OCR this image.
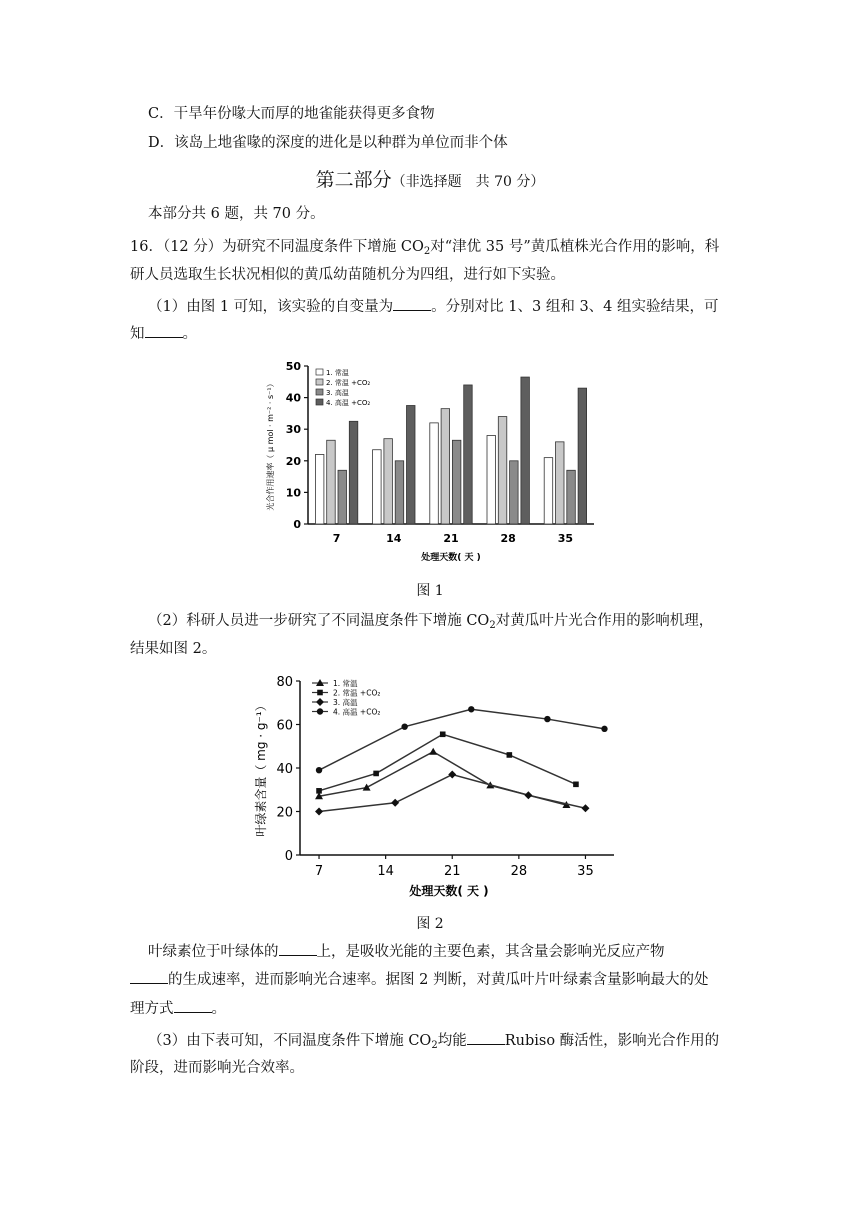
C．干旱年份喙大而厚的地雀能获得更多食物
D．该岛上地雀喙的深度的进化是以种群为单位而非个体
第二部分（非选择题　共 70 分）
本部分共 6 题，共 70 分。
16．（12 分）为研究不同温度条件下增施 $CO_2$对“津优 35 号”黄瓜植株光合作用的影响，科
研人员选取生长状况相似的黄瓜幼苗随机分为四组，进行如下实验。
（1）由图 1 可知，该实验的自变量为	。分别对比 1、3 组和 3、4 组实验结果，可
知	。
0
10
20
30
40
50
7	14	21	28	35
处理天数( 天 )
光合作用速率（ μ mol · m⁻² · s⁻¹）
1. 常温
2. 常温 +CO₂
3. 高温
4. 高温 +CO₂
图 1
（2）科研人员进一步研究了不同温度条件下增施 $CO_2$对黄瓜叶片光合作用的影响机理，
结果如图 2。
0
20
40
60
80
7	14	21	28	35
处理天数( 天 )
叶绿素含量（ mg · g⁻¹）
1. 常温
2. 常温 +CO₂
3. 高温
4. 高温 +CO₂
图 2
叶绿素位于叶绿体的	上，是吸收光能的主要色素，其含量会影响光反应产物
的生成速率，进而影响光合速率。据图 2 判断，对黄瓜叶片叶绿素含量影响最大的处
理方式	。
（3）由下表可知，不同温度条件下增施 $CO_2$均能	Rubiso 酶活性，影响光合作用的
阶段，进而影响光合效率。
